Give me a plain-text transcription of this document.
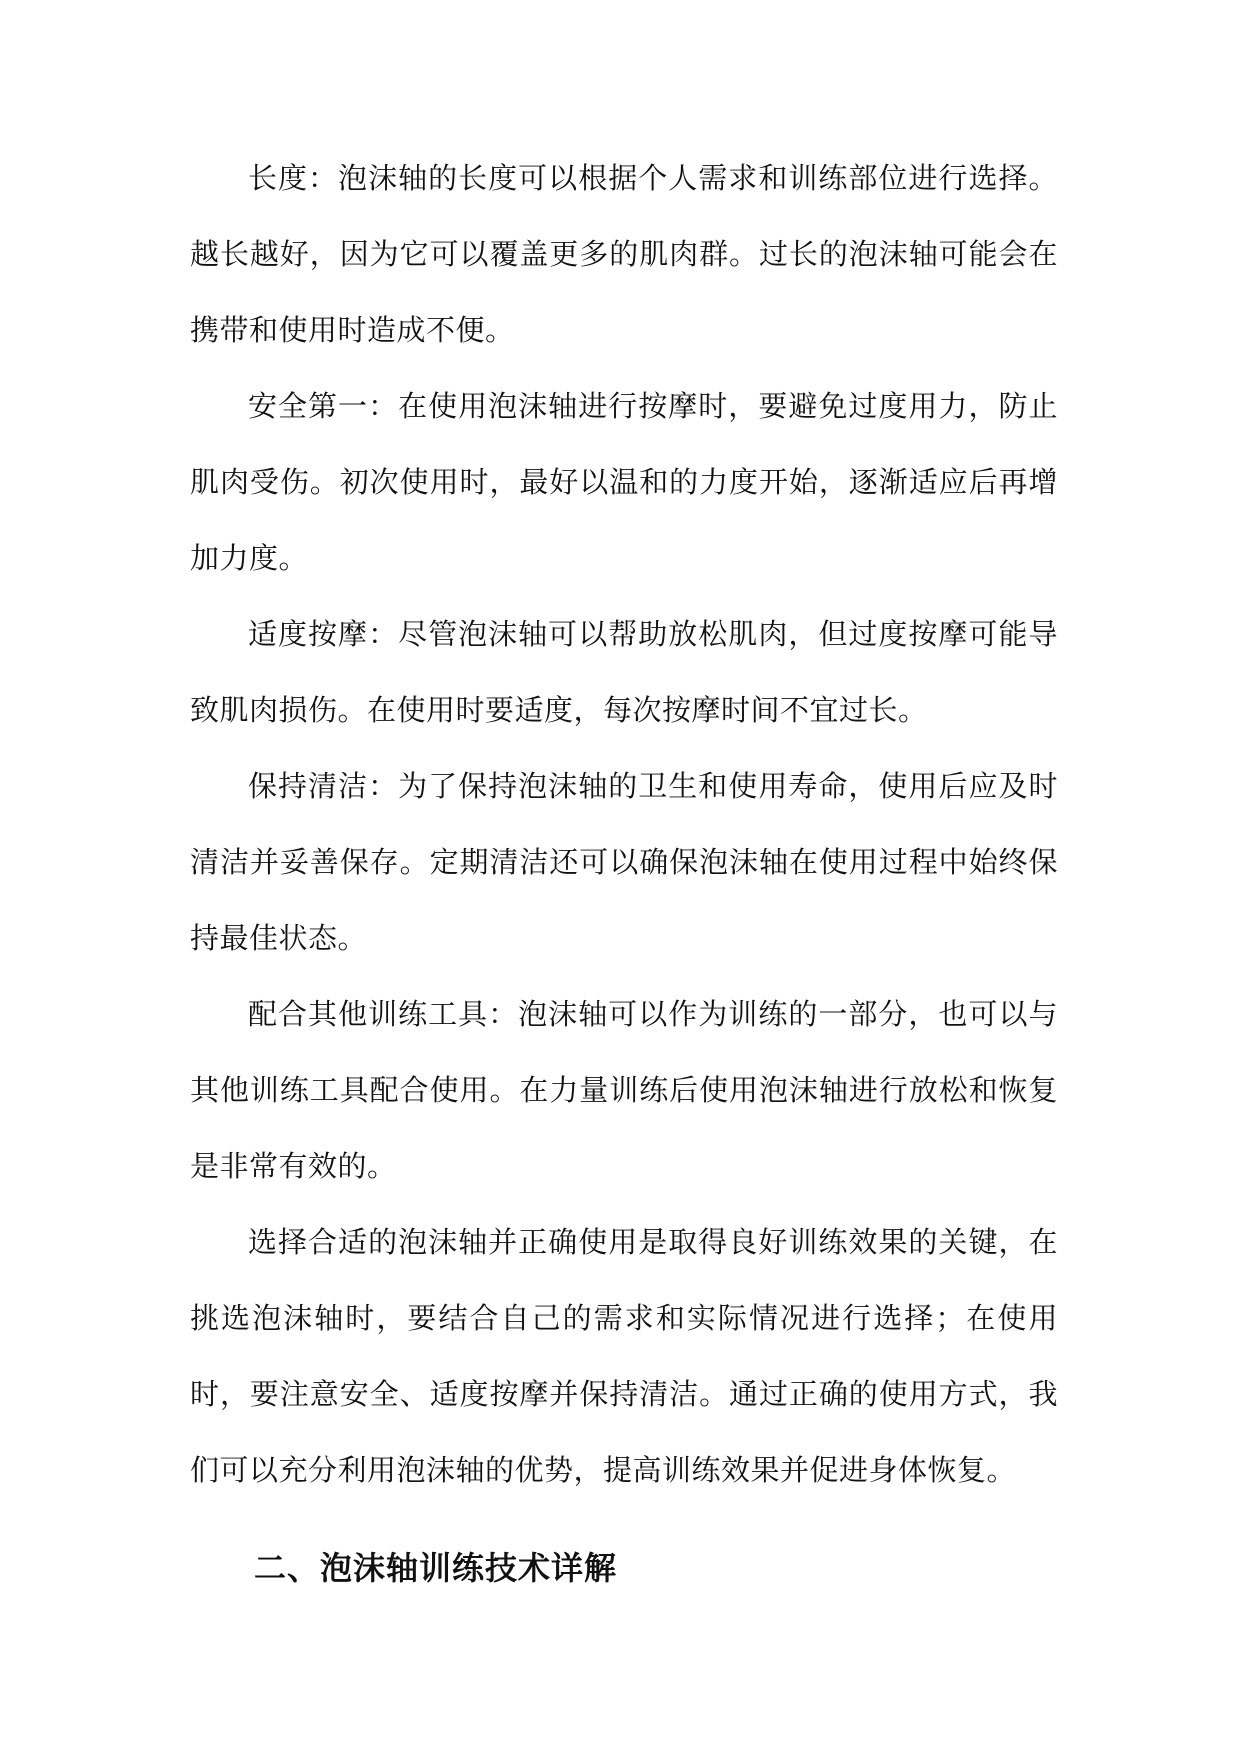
长度：泡沫轴的长度可以根据个人需求和训练部位进行选择。越长越好，因为它可以覆盖更多的肌肉群。过长的泡沫轴可能会在携带和使用时造成不便。

安全第一：在使用泡沫轴进行按摩时，要避免过度用力，防止肌肉受伤。初次使用时，最好以温和的力度开始，逐渐适应后再增加力度。

适度按摩：尽管泡沫轴可以帮助放松肌肉，但过度按摩可能导致肌肉损伤。在使用时要适度，每次按摩时间不宜过长。

保持清洁：为了保持泡沫轴的卫生和使用寿命，使用后应及时清洁并妥善保存。定期清洁还可以确保泡沫轴在使用过程中始终保持最佳状态。

配合其他训练工具：泡沫轴可以作为训练的一部分，也可以与其他训练工具配合使用。在力量训练后使用泡沫轴进行放松和恢复是非常有效的。

选择合适的泡沫轴并正确使用是取得良好训练效果的关键，在挑选泡沫轴时，要结合自己的需求和实际情况进行选择；在使用时，要注意安全、适度按摩并保持清洁。通过正确的使用方式，我们可以充分利用泡沫轴的优势，提高训练效果并促进身体恢复。

二、泡沫轴训练技术详解
